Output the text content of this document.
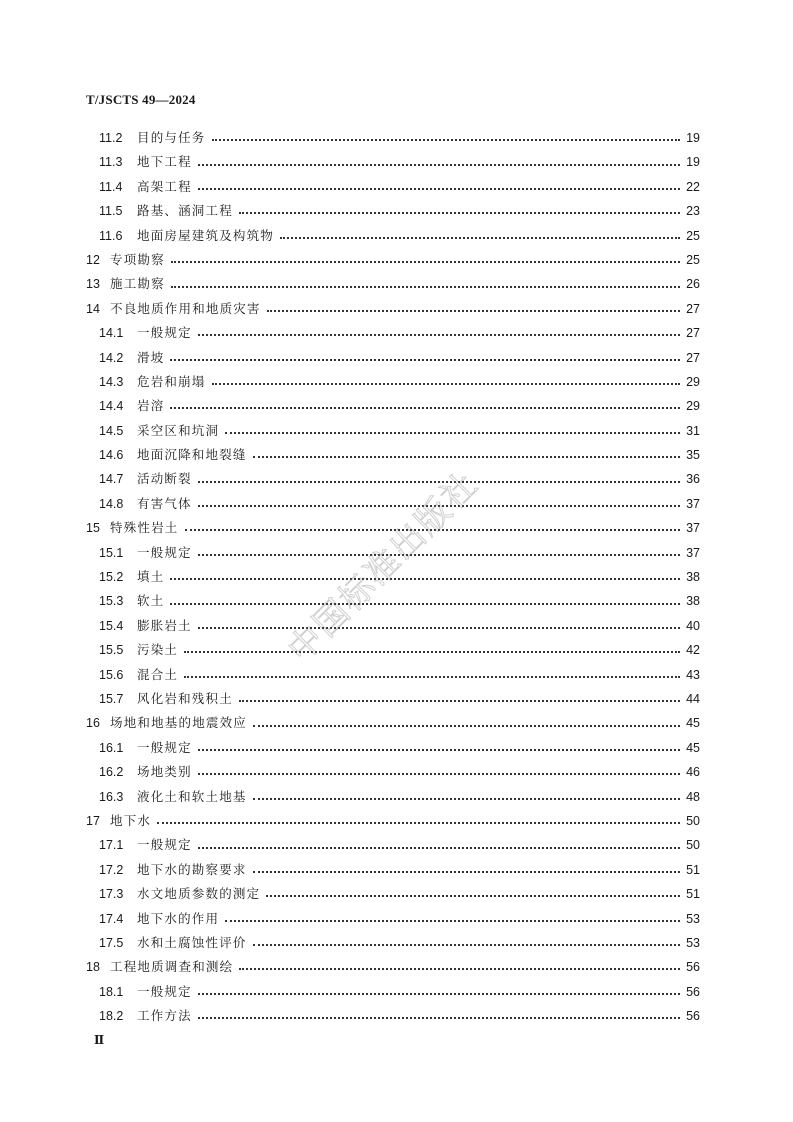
T/JSCTS 49—2024
11.2	目的与任务	19
11.3	地下工程	19
11.4	高架工程	22
11.5	路基、涵洞工程	23
11.6	地面房屋建筑及构筑物	25
12 专项勘察	25
13 施工勘察	26
14 不良地质作用和地质灾害	27
14.1	一般规定	27
14.2	滑坡	27
14.3	危岩和崩塌	29
14.4	岩溶	29
14.5	采空区和坑洞	31
14.6	地面沉降和地裂缝	35
14.7	活动断裂	36
14.8	有害气体	37
15 特殊性岩土	37
15.1	一般规定	37
15.2	填土	38
15.3	软土	38
15.4	膨胀岩土	40
15.5	污染土	42
15.6	混合土	43
15.7	风化岩和残积土	44
16 场地和地基的地震效应	45
16.1	一般规定	45
16.2	场地类别	46
16.3	液化土和软土地基	48
17 地下水	50
17.1	一般规定	50
17.2	地下水的勘察要求	51
17.3	水文地质参数的测定	51
17.4	地下水的作用	53
17.5	水和土腐蚀性评价	53
18 工程地质调查和测绘	56
18.1	一般规定	56
18.2	工作方法	56
中国标准出版社
Ⅱ
